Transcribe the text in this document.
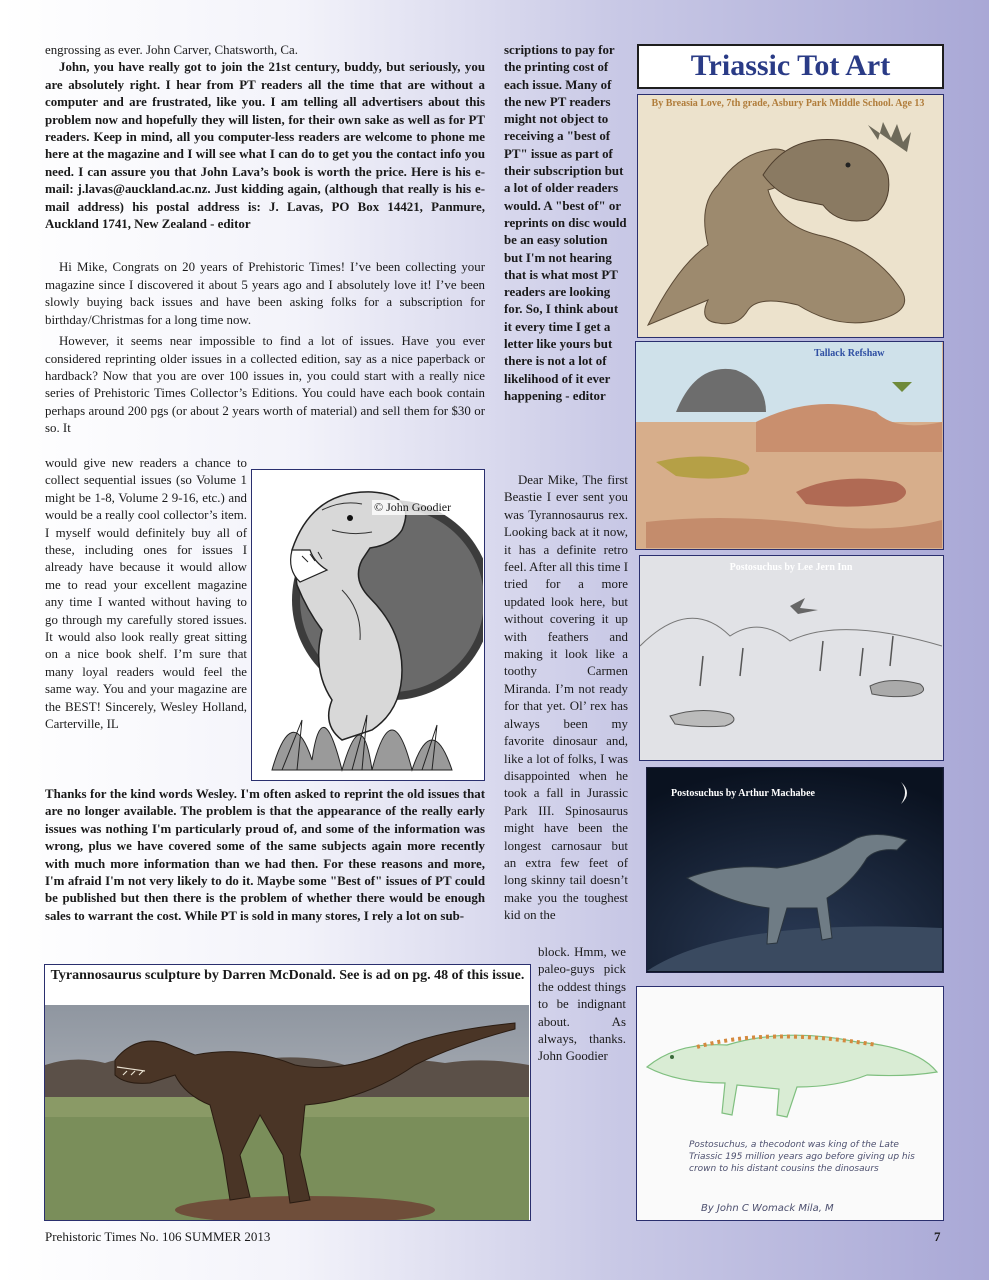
engrossing as ever. John Carver, Chatsworth, Ca.

John, you have really got to join the 21st century, buddy, but seriously, you are absolutely right. I hear from PT readers all the time that are without a computer and are frustrated, like you. I am telling all advertisers about this problem now and hopefully they will listen, for their own sake as well as for PT readers. Keep in mind, all you computer-less readers are welcome to phone me here at the magazine and I will see what I can do to get you the contact info you need. I can assure you that John Lava’s book is worth the price. Here is his e-mail: j.lavas@auckland.ac.nz. Just kidding again, (although that really is his e-mail address) his postal address is: J. Lavas, PO Box 14421, Panmure, Auckland 1741, New Zealand - editor

Hi Mike, Congrats on 20 years of Prehistoric Times! I’ve been collecting your magazine since I discovered it about 5 years ago and I absolutely love it! I’ve been slowly buying back issues and have been asking folks for a subscription for birthday/Christmas for a long time now.

However, it seems near impossible to find a lot of issues. Have you ever considered reprinting older issues in a collected edition, say as a nice paperback or hardback? Now that you are over 100 issues in, you could start with a really nice series of Prehistoric Times Collector’s Editions. You could have each book contain perhaps around 200 pgs (or about 2 years worth of material) and sell them for $30 or so. It

would give new readers a chance to collect sequential issues (so Volume 1 might be 1-8, Volume 2 9-16, etc.) and would be a really cool collector’s item. I myself would definitely buy all of these, including ones for issues I already have because it would allow me to read your excellent magazine any time I wanted without having to go through my carefully stored issues. It would also look really great sitting on a nice book shelf. I’m sure that many loyal readers would feel the same way. You and your magazine are the BEST! Sincerely, Wesley Holland, Carterville, IL
© John Goodier
Thanks for the kind words Wesley. I'm often asked to reprint the old issues that are no longer available. The problem is that the appearance of the really early issues was nothing I'm particularly proud of, and some of the information was wrong, plus we have covered some of the same subjects again more recently with much more information than we had then. For these reasons and more, I'm afraid I'm not very likely to do it. Maybe some "Best of" issues of PT could be published but then there is the problem of whether there would be enough sales to warrant the cost. While PT is sold in many stores, I rely a lot on sub-

scriptions to pay for the printing cost of each issue. Many of the new PT readers might not object to receiving a "best of PT" issue as part of their subscription but a lot of older readers would. A "best of" or reprints on disc would be an easy solution but I'm not hearing that is what most PT readers are looking for. So, I think about it every time I get a letter like yours but there is not a lot of likelihood of it ever happening - editor

Dear Mike, The first Beastie I ever sent you was Tyrannosaurus rex. Looking back at it now, it has a definite retro feel. After all this time I tried for a more updated look here, but without covering it up with feathers and making it look like a toothy Carmen Miranda. I’m not ready for that yet. Ol’ rex has always been my favorite dinosaur and, like a lot of folks, I was disappointed when he took a fall in Jurassic Park III. Spinosaurus might have been the longest carnosaur but an extra few feet of long skinny tail doesn’t make you the toughest kid on the

block. Hmm, we paleo-guys pick the oddest things to be indignant about. As always, thanks. John Goodier
Tyrannosaurus sculpture by Darren McDonald. See is ad on pg. 48 of this issue.
Triassic Tot Art
By Breasia Love, 7th grade, Asbury Park Middle School. Age 13
Tallack Refshaw
Postosuchus by Lee Jern Inn
Postosuchus by Arthur Machabee
Postosuchus, a thecodont was king of the Late Triassic 195 million years ago before giving up his crown to his distant cousins the dinosaurs
By John C Womack Mila, M
Prehistoric Times No. 106 SUMMER 2013	7
